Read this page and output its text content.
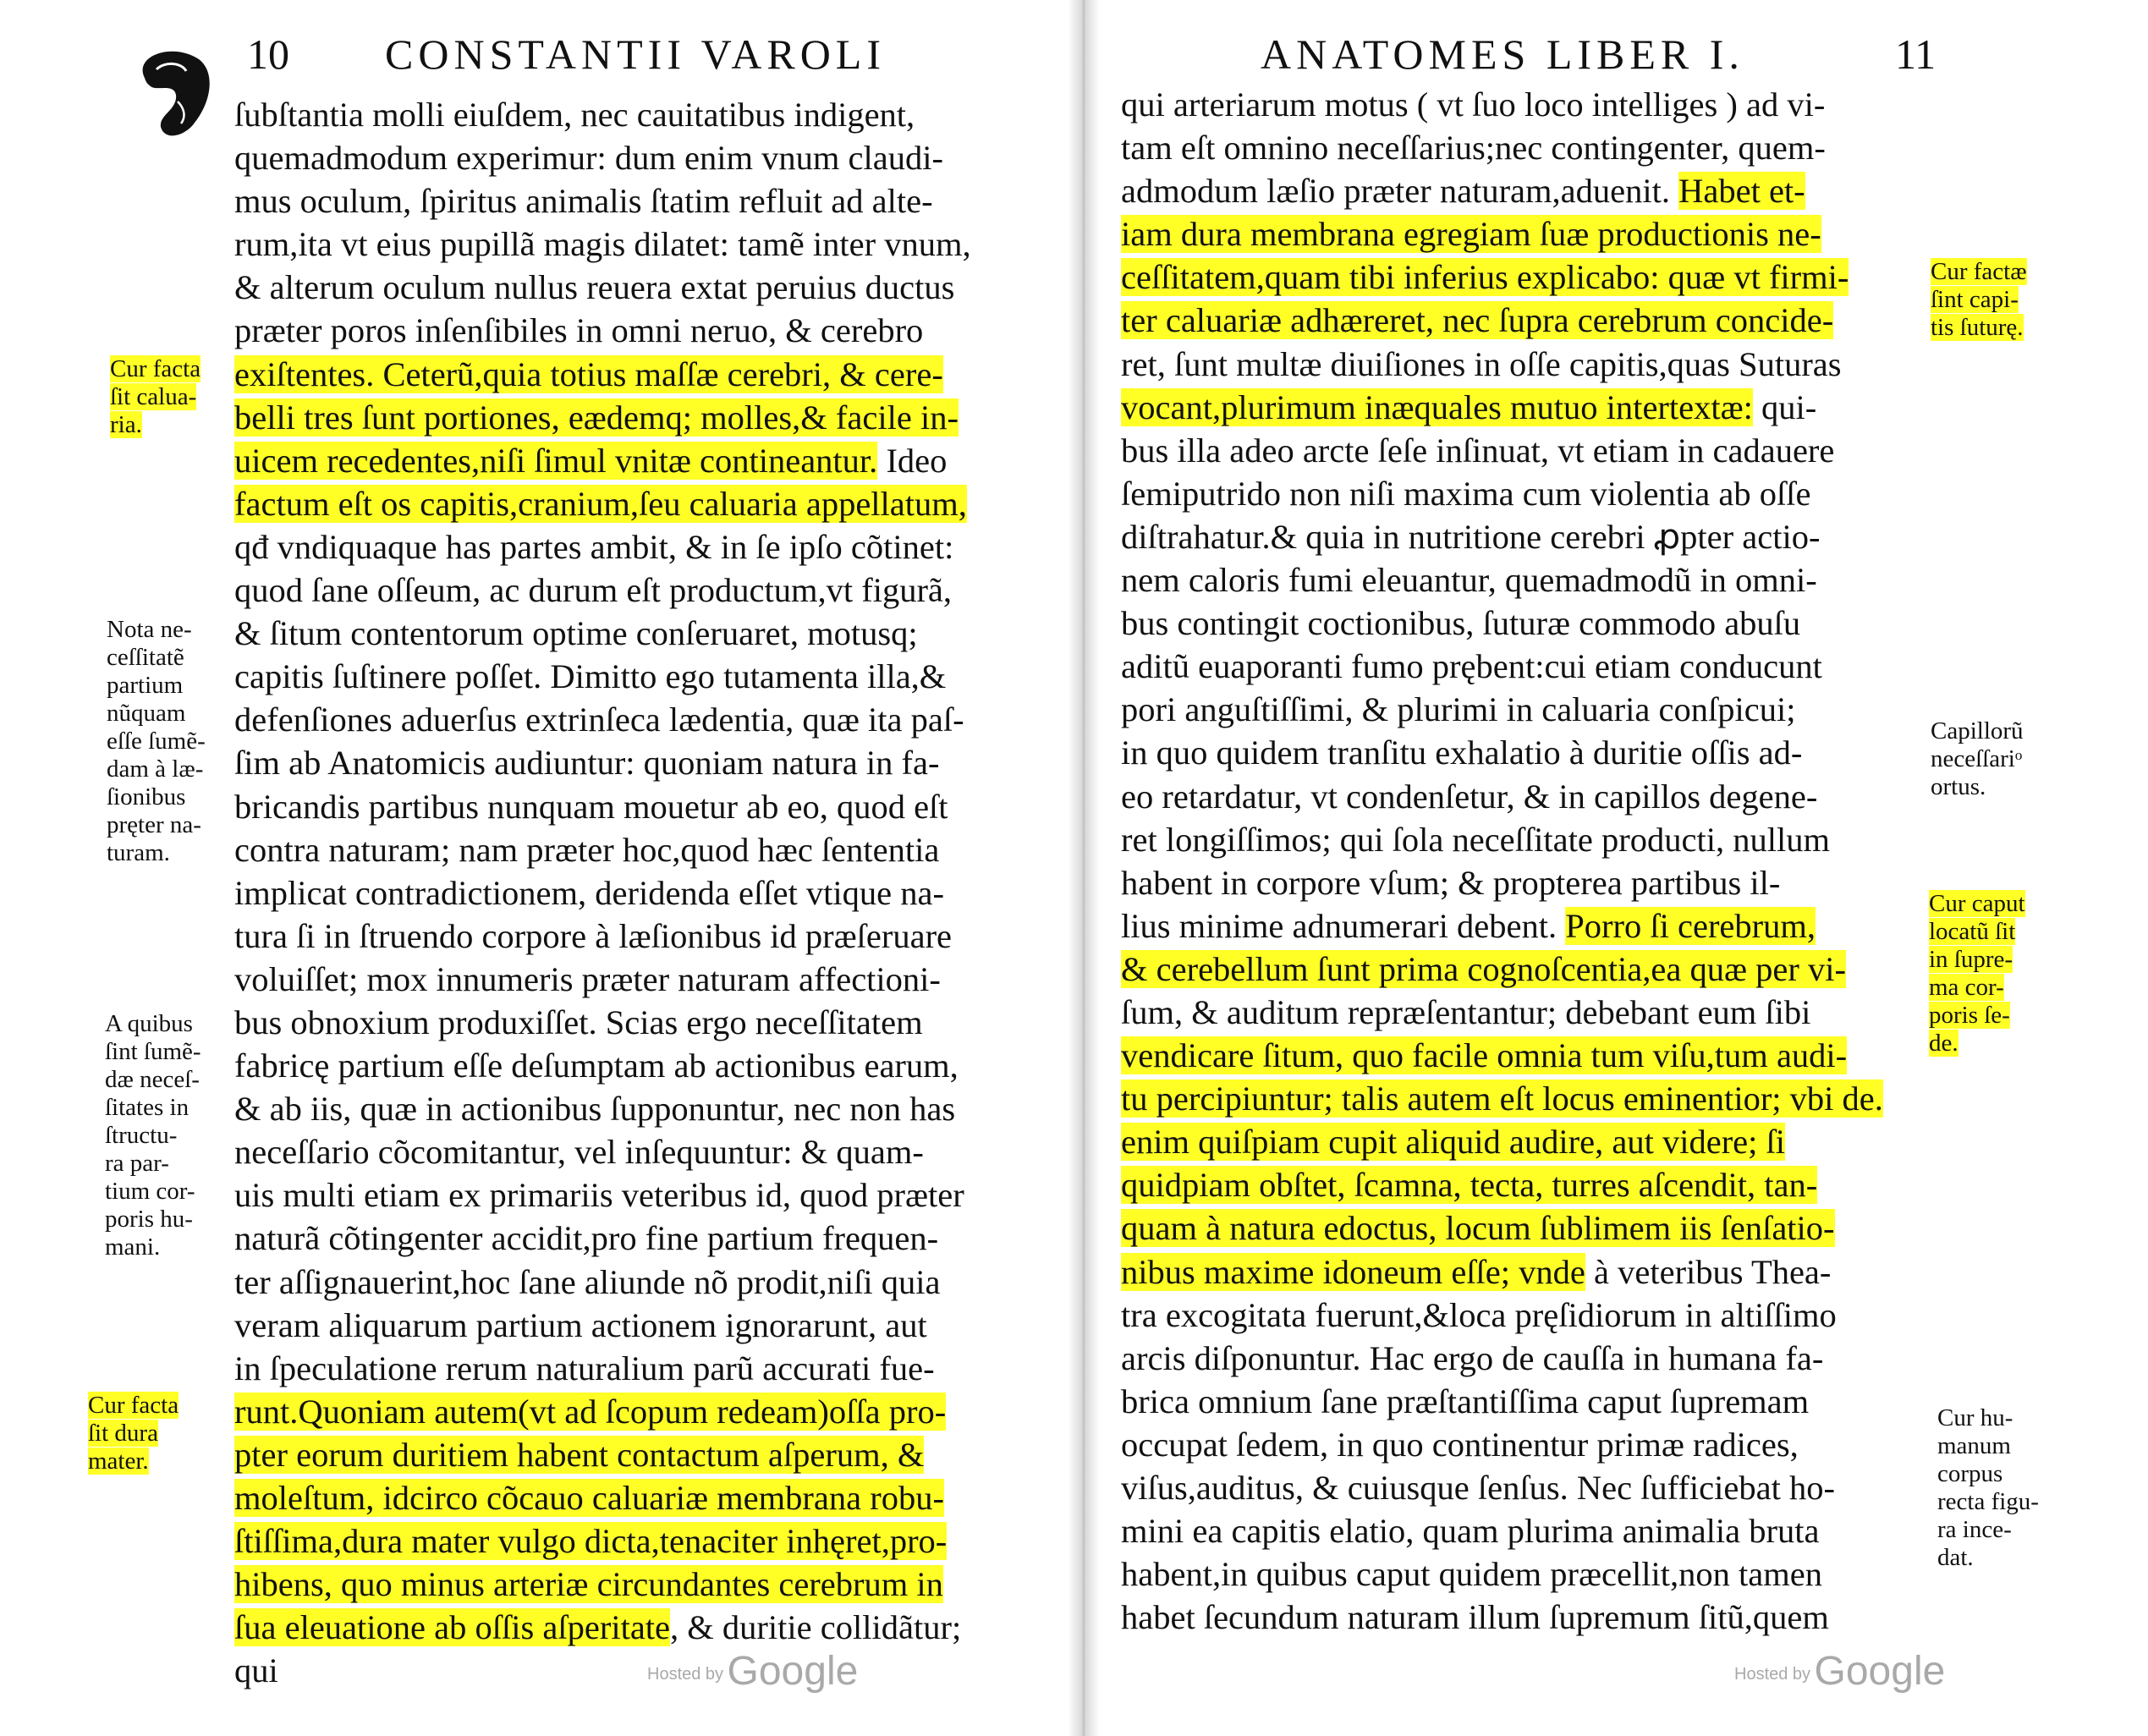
10 CONSTANTII VAROLI
ſubſtantia molli eiuſdem, nec cauitatibus indigent,
quemadmodum experimur: dum enim vnum claudi-
mus oculum, ſpiritus animalis ſtatim refluit ad alte-
rum,ita vt eius pupillã magis dilatet: tamẽ inter vnum,
& alterum oculum nullus reuera extat peruius ductus
præter poros inſenſibiles in omni neruo, & cerebro
exiſtentes. Ceterũ,quia totius maſſæ cerebri, & cere-
belli tres ſunt portiones, eædemq; molles,& facile in-
uicem recedentes,niſi ſimul vnitæ contineantur. Ideo
factum eſt os capitis,cranium,ſeu caluaria appellatum,
qđ vndiquaque has partes ambit, & in ſe ipſo cõtinet:
quod ſane oſſeum, ac durum eſt productum,vt figurã,
& ſitum contentorum optime conſeruaret, motusq;
capitis ſuſtinere poſſet. Dimitto ego tutamenta illa,&
defenſiones aduerſus extrinſeca lædentia, quæ ita paſ-
ſim ab Anatomicis audiuntur: quoniam natura in fa-
bricandis partibus nunquam mouetur ab eo, quod eſt
contra naturam; nam præter hoc,quod hæc ſententia
implicat contradictionem, deridenda eſſet vtique na-
tura ſi in ſtruendo corpore à læſionibus id præſeruare
voluiſſet; mox innumeris præter naturam affectioni-
bus obnoxium produxiſſet. Scias ergo neceſſitatem
fabricę partium eſſe deſumptam ab actionibus earum,
& ab iis, quæ in actionibus ſupponuntur, nec non has
neceſſario cõcomitantur, vel inſequuntur: & quam-
uis multi etiam ex primariis veteribus id, quod præter
naturã cõtingenter accidit,pro fine partium frequen-
ter aſſignauerint,hoc ſane aliunde nõ prodit,niſi quia
veram aliquarum partium actionem ignorarunt, aut
in ſpeculatione rerum naturalium parũ accurati fue-
runt.Quoniam autem(vt ad ſcopum redeam)oſſa pro-
pter eorum duritiem habent contactum aſperum, &
moleſtum, idcirco cõcauo caluariæ membrana robu-
ſtiſſima,dura mater vulgo dicta,tenaciter inhęret,pro-
hibens, quo minus arteriæ circundantes cerebrum in
ſua eleuatione ab oſſis aſperitate, & duritie collidãtur;
qui
Cur facta
ſit calua-
ria.
Nota ne-
ceſſitatẽ
partium
nũquam
eſſe ſumẽ-
dam à læ-
ſionibus
pręter na-
turam.
A quibus
ſint ſumẽ-
dæ neceſ-
ſitates in
ſtructu-
ra par-
tium cor-
poris hu-
mani.
Cur facta
ſit dura
mater.
Hosted by Google
ANATOMES LIBER I.	11
qui arteriarum motus ( vt ſuo loco intelliges ) ad vi-
tam eſt omnino neceſſarius;nec contingenter, quem-
admodum læſio præter naturam,aduenit. Habet et-
iam dura membrana egregiam ſuæ productionis ne-
ceſſitatem,quam tibi inferius explicabo: quæ vt firmi-
ter caluariæ adhæreret, nec ſupra cerebrum concide-
ret, ſunt multæ diuiſiones in oſſe capitis,quas Suturas
vocant,plurimum inæquales mutuo intertextæ: qui-
bus illa adeo arcte ſeſe inſinuat, vt etiam in cadauere
ſemiputrido non niſi maxima cum violentia ab oſſe
diſtrahatur.& quia in nutritione cerebri ꝓpter actio-
nem caloris fumi eleuantur, quemadmodũ in omni-
bus contingit coctionibus, ſuturæ commodo abuſu
aditũ euaporanti fumo prębent:cui etiam conducunt
pori anguſtiſſimi, & plurimi in caluaria conſpicui;
in quo quidem tranſitu exhalatio à duritie oſſis ad-
eo retardatur, vt condenſetur, & in capillos degene-
ret longiſſimos; qui ſola neceſſitate producti, nullum
habent in corpore vſum; & propterea partibus il-
lius minime adnumerari debent. Porro ſi cerebrum,
& cerebellum ſunt prima cognoſcentia,ea quæ per vi-
ſum, & auditum repræſentantur; debebant eum ſibi
vendicare ſitum, quo facile omnia tum viſu,tum audi-
tu percipiuntur; talis autem eſt locus eminentior; vbi de.
enim quiſpiam cupit aliquid audire, aut videre; ſi
quidpiam obſtet, ſcamna, tecta, turres aſcendit, tan-
quam à natura edoctus, locum ſublimem iis ſenſatio-
nibus maxime idoneum eſſe; vnde à veteribus Thea-
tra excogitata fuerunt,&loca pręſidiorum in altiſſimo
arcis diſponuntur. Hac ergo de cauſſa in humana fa-
brica omnium ſane præſtantiſſima caput ſupremam
occupat ſedem, in quo continentur primæ radices,
viſus,auditus, & cuiusque ſenſus. Nec ſufficiebat ho-
mini ea capitis elatio, quam plurima animalia bruta
habent,in quibus caput quidem præcellit,non tamen
habet ſecundum naturam illum ſupremum ſitũ,quem
Cur factæ
ſint capi-
tis ſuturę.
Capillorũ
neceſſariᵒ
ortus.
Cur caput
locatũ ſit
in ſupre-
ma cor-
poris ſe-
de.
Cur hu-
manum
corpus
recta figu-
ra ince-
dat.
Hosted by Google
